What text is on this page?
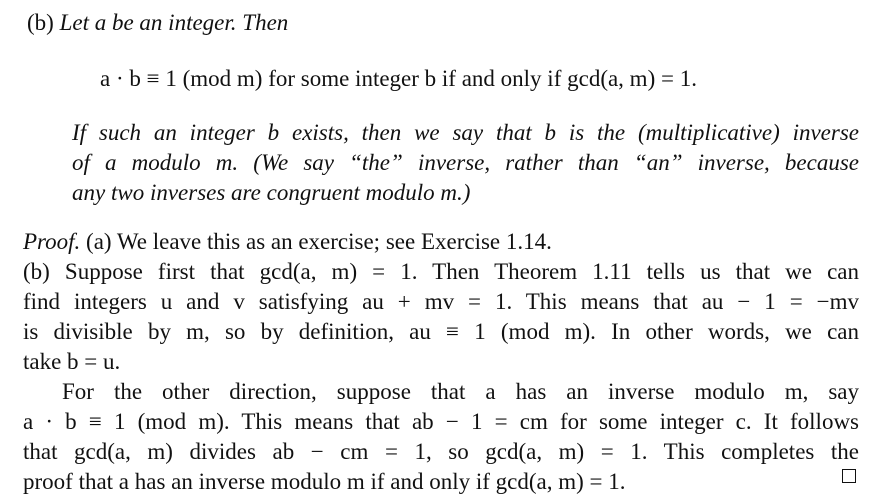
(b) Let a be an integer. Then
a · b ≡ 1 (mod m) for some integer b if and only if gcd(a, m) = 1.
If such an integer b exists, then we say that b is the (multiplicative) inverse
of a modulo m. (We say “the” inverse, rather than “an” inverse, because
any two inverses are congruent modulo m.)
Proof. (a) We leave this as an exercise; see Exercise 1.14.
(b) Suppose first that gcd(a, m) = 1. Then Theorem 1.11 tells us that we can
find integers u and v satisfying au + mv = 1. This means that au − 1 = −mv
is divisible by m, so by definition, au ≡ 1 (mod m). In other words, we can
take b = u.
For the other direction, suppose that a has an inverse modulo m, say
a · b ≡ 1 (mod m). This means that ab − 1 = cm for some integer c. It follows
that gcd(a, m) divides ab − cm = 1, so gcd(a, m) = 1. This completes the
proof that a has an inverse modulo m if and only if gcd(a, m) = 1.
